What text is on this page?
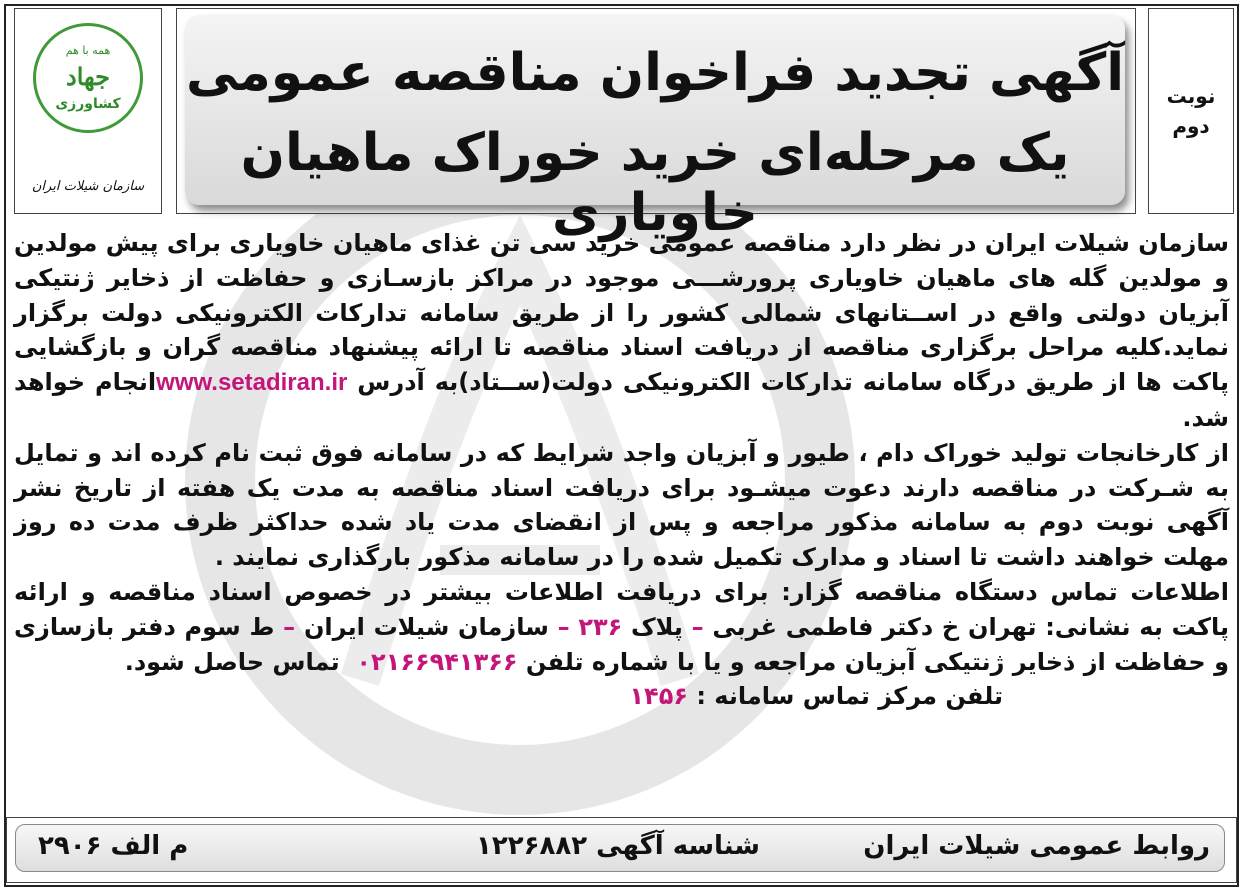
همه با هم
جهاد
کشاورزی
سازمان شیلات ایران
آگهی تجدید فراخوان مناقصه عمومی
یک مرحله‌ای خرید خوراک ماهیان خاویاری
نوبت
دوم

سازمان شیلات ایران در نظر دارد مناقصه عمومی خرید سی تن غذای ماهیان خاویاری برای پیش مولدین و مولدین گله های ماهیان خاویاری پرورشـــی موجود در مراکز بازسـازی و حفاظت از ذخایر ژنتیکی آبزیان دولتی واقع در اســتانهای شمالی کشور را از طریق سامانه تدارکات الکترونیکی دولت برگزار نماید.کلیه مراحل برگزاری مناقصه از دریافت اسناد مناقصه تا ارائه پیشنهاد مناقصه گران و بازگشایی پاکت ها از طریق درگاه سامانه تدارکات الکترونیکی دولت(ســتاد)به آدرس www.setadiran.irانجام خواهد شد.

از کارخانجات تولید خوراک دام ، طیور و آبزیان واجد شرایط که در سامانه فوق ثبت نام کرده اند و تمایل به شـرکت در مناقصه دارند دعوت میشـود برای دریافت اسناد مناقصه به مدت یک هفته از تاریخ نشر آگهی نوبت دوم به سامانه مذکور مراجعه و پس از انقضای مدت یاد شده حداکثر ظرف مدت ده روز مهلت خواهند داشت تا اسناد و مدارک تکمیل شده را در سامانه مذکور بارگذاری نمایند .

اطلاعات تماس دستگاه مناقصه گزار: برای دریافت اطلاعات بیشتر در خصوص اسناد مناقصه و ارائه پاکت به نشانی: تهران خ دکتر فاطمی غربی – پلاک ۲۳۶ – سازمان شیلات ایران – ط سوم دفتر بازسازی و حفاظت از ذخایر ژنتیکی آبزیان مراجعه و یا با شماره تلفن ۰۲۱۶۶۹۴۱۳۶۶  تماس حاصل شود.

تلفن مرکز تماس سامانه : ۱۴۵۶

روابط عمومی شیلات ایران
شناسه آگهی ۱۲۲۶۸۸۲
م الف ۲۹۰۶
